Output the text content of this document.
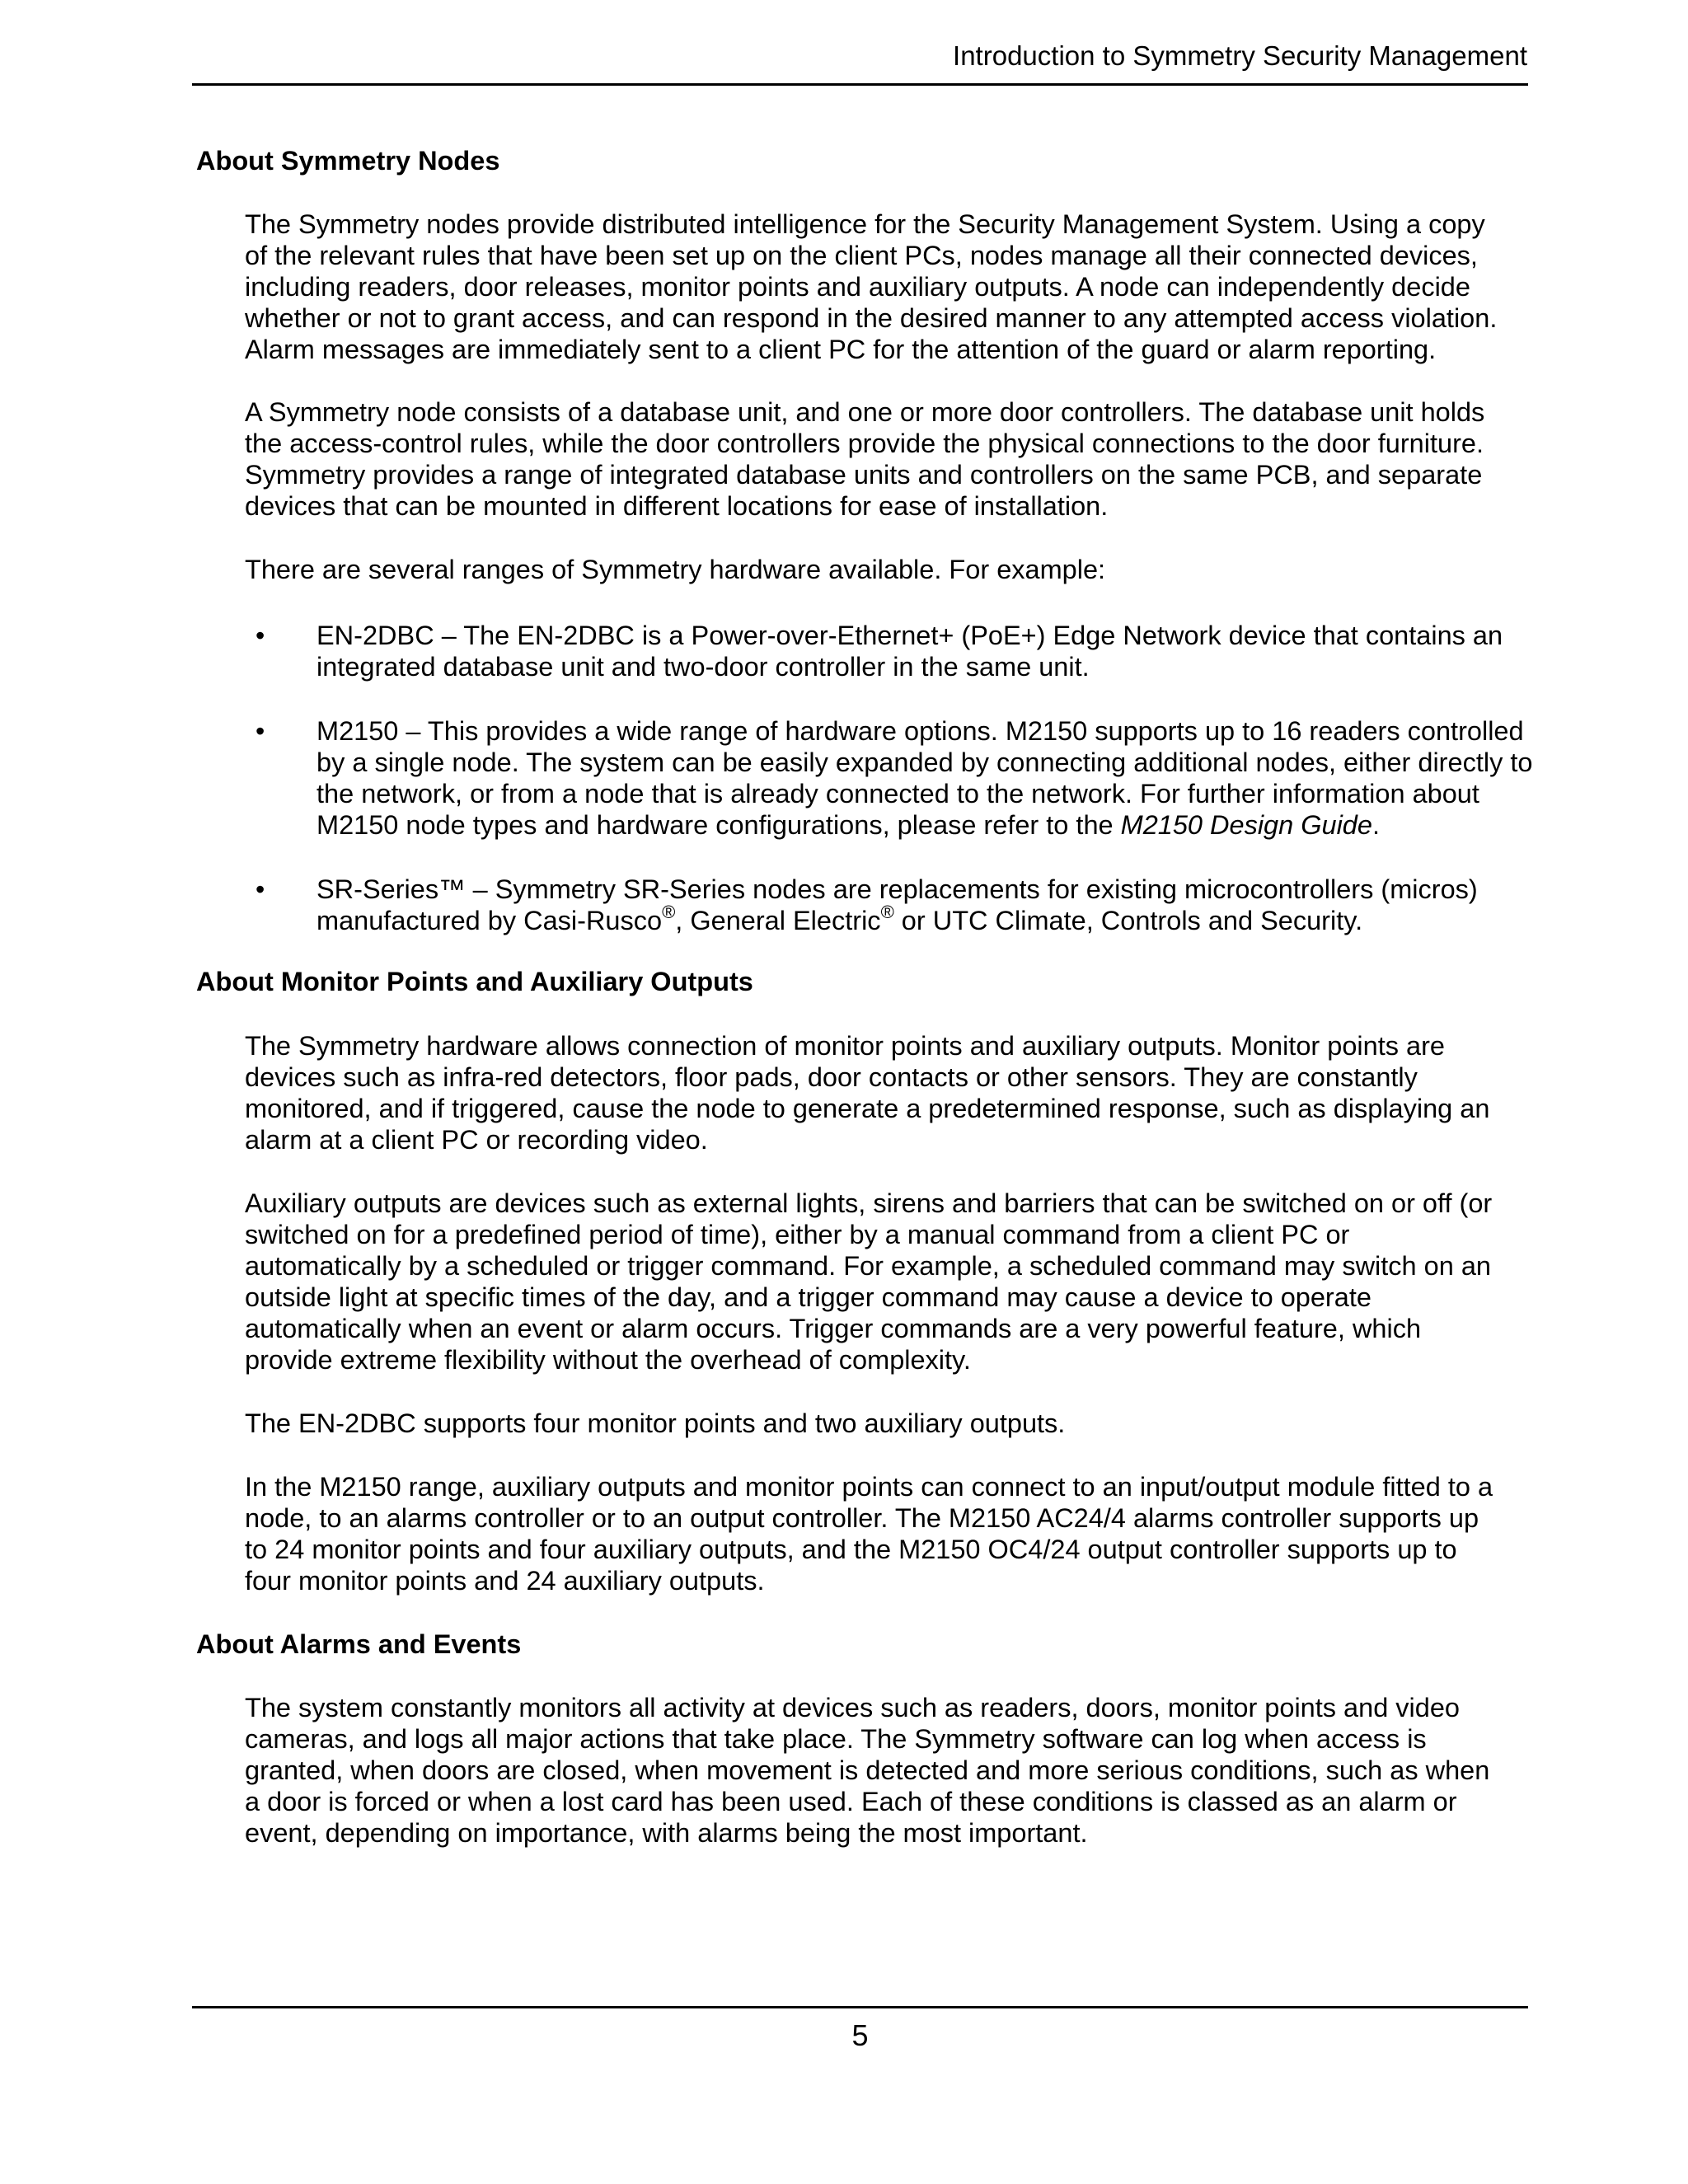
Introduction to Symmetry Security Management
About Symmetry Nodes

The Symmetry nodes provide distributed intelligence for the Security Management System. Using a copy of the relevant rules that have been set up on the client PCs, nodes manage all their connected devices, including readers, door releases, monitor points and auxiliary outputs. A node can independently decide whether or not to grant access, and can respond in the desired manner to any attempted access violation. Alarm messages are immediately sent to a client PC for the attention of the guard or alarm reporting.

A Symmetry node consists of a database unit, and one or more door controllers. The database unit holds the access-control rules, while the door controllers provide the physical connections to the door furniture. Symmetry provides a range of integrated database units and controllers on the same PCB, and separate devices that can be mounted in different locations for ease of installation.

There are several ranges of Symmetry hardware available. For example:

• EN-2DBC – The EN-2DBC is a Power-over-Ethernet+ (PoE+) Edge Network device that contains an integrated database unit and two-door controller in the same unit.
• M2150 – This provides a wide range of hardware options. M2150 supports up to 16 readers controlled by a single node. The system can be easily expanded by connecting additional nodes, either directly to the network, or from a node that is already connected to the network. For further information about M2150 node types and hardware configurations, please refer to the M2150 Design Guide.
• SR-Series™ – Symmetry SR-Series nodes are replacements for existing microcontrollers (micros) manufactured by Casi-Rusco®, General Electric® or UTC Climate, Controls and Security.
About Monitor Points and Auxiliary Outputs

The Symmetry hardware allows connection of monitor points and auxiliary outputs. Monitor points are devices such as infra-red detectors, floor pads, door contacts or other sensors. They are constantly monitored, and if triggered, cause the node to generate a predetermined response, such as displaying an alarm at a client PC or recording video.

Auxiliary outputs are devices such as external lights, sirens and barriers that can be switched on or off (or switched on for a predefined period of time), either by a manual command from a client PC or automatically by a scheduled or trigger command. For example, a scheduled command may switch on an outside light at specific times of the day, and a trigger command may cause a device to operate automatically when an event or alarm occurs. Trigger commands are a very powerful feature, which provide extreme flexibility without the overhead of complexity.

The EN-2DBC supports four monitor points and two auxiliary outputs.

In the M2150 range, auxiliary outputs and monitor points can connect to an input/output module fitted to a node, to an alarms controller or to an output controller. The M2150 AC24/4 alarms controller supports up to 24 monitor points and four auxiliary outputs, and the M2150 OC4/24 output controller supports up to four monitor points and 24 auxiliary outputs.

About Alarms and Events

The system constantly monitors all activity at devices such as readers, doors, monitor points and video cameras, and logs all major actions that take place. The Symmetry software can log when access is granted, when doors are closed, when movement is detected and more serious conditions, such as when a door is forced or when a lost card has been used. Each of these conditions is classed as an alarm or event, depending on importance, with alarms being the most important.

5
